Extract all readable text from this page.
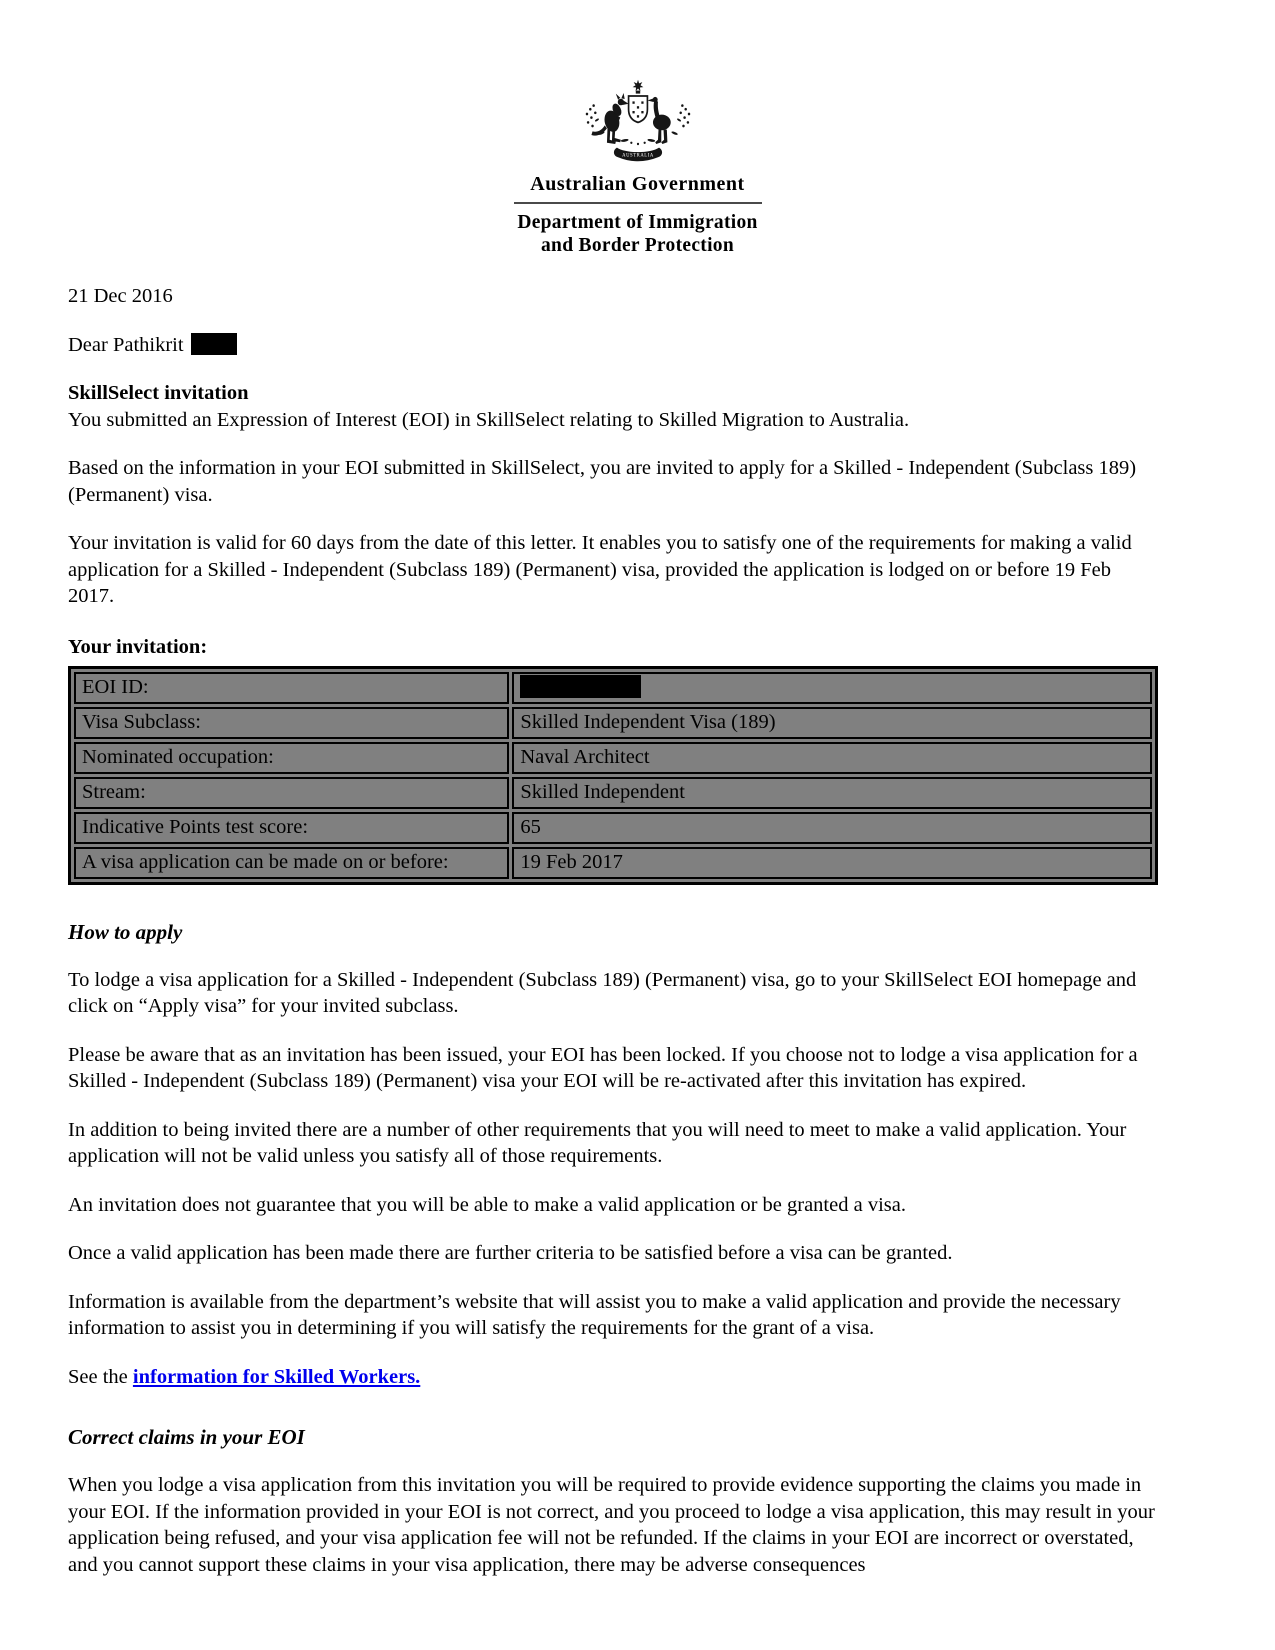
AUSTRALIA
Australian Government
Department of Immigration
and Border Protection

21 Dec 2016

Dear Pathikrit

SkillSelect invitation
You submitted an Expression of Interest (EOI) in SkillSelect relating to Skilled Migration to Australia.

Based on the information in your EOI submitted in SkillSelect, you are invited to apply for a Skilled - Independent (Subclass 189) (Permanent) visa.

Your invitation is valid for 60 days from the date of this letter. It enables you to satisfy one of the requirements for making a valid application for a Skilled - Independent (Subclass 189) (Permanent) visa, provided the application is lodged on or before 19 Feb 2017.

Your invitation:
EOI ID:	
Visa Subclass:	Skilled Independent Visa (189)
Nominated occupation:	Naval Architect
Stream:	Skilled Independent
Indicative Points test score:	65
A visa application can be made on or before:	19 Feb 2017
How to apply

To lodge a visa application for a Skilled - Independent (Subclass 189) (Permanent) visa, go to your SkillSelect EOI homepage and click on “Apply visa” for your invited subclass.

Please be aware that as an invitation has been issued, your EOI has been locked. If you choose not to lodge a visa application for a Skilled - Independent (Subclass 189) (Permanent) visa your EOI will be re-activated after this invitation has expired.

In addition to being invited there are a number of other requirements that you will need to meet to make a valid application. Your application will not be valid unless you satisfy all of those requirements.

An invitation does not guarantee that you will be able to make a valid application or be granted a visa.

Once a valid application has been made there are further criteria to be satisfied before a visa can be granted.

Information is available from the department’s website that will assist you to make a valid application and provide the necessary information to assist you in determining if you will satisfy the requirements for the grant of a visa.

See the information for Skilled Workers.

Correct claims in your EOI

When you lodge a visa application from this invitation you will be required to provide evidence supporting the claims you made in your EOI. If the information provided in your EOI is not correct, and you proceed to lodge a visa application, this may result in your application being refused, and your visa application fee will not be refunded. If the claims in your EOI are incorrect or overstated, and you cannot support these claims in your visa application, there may be adverse consequences
